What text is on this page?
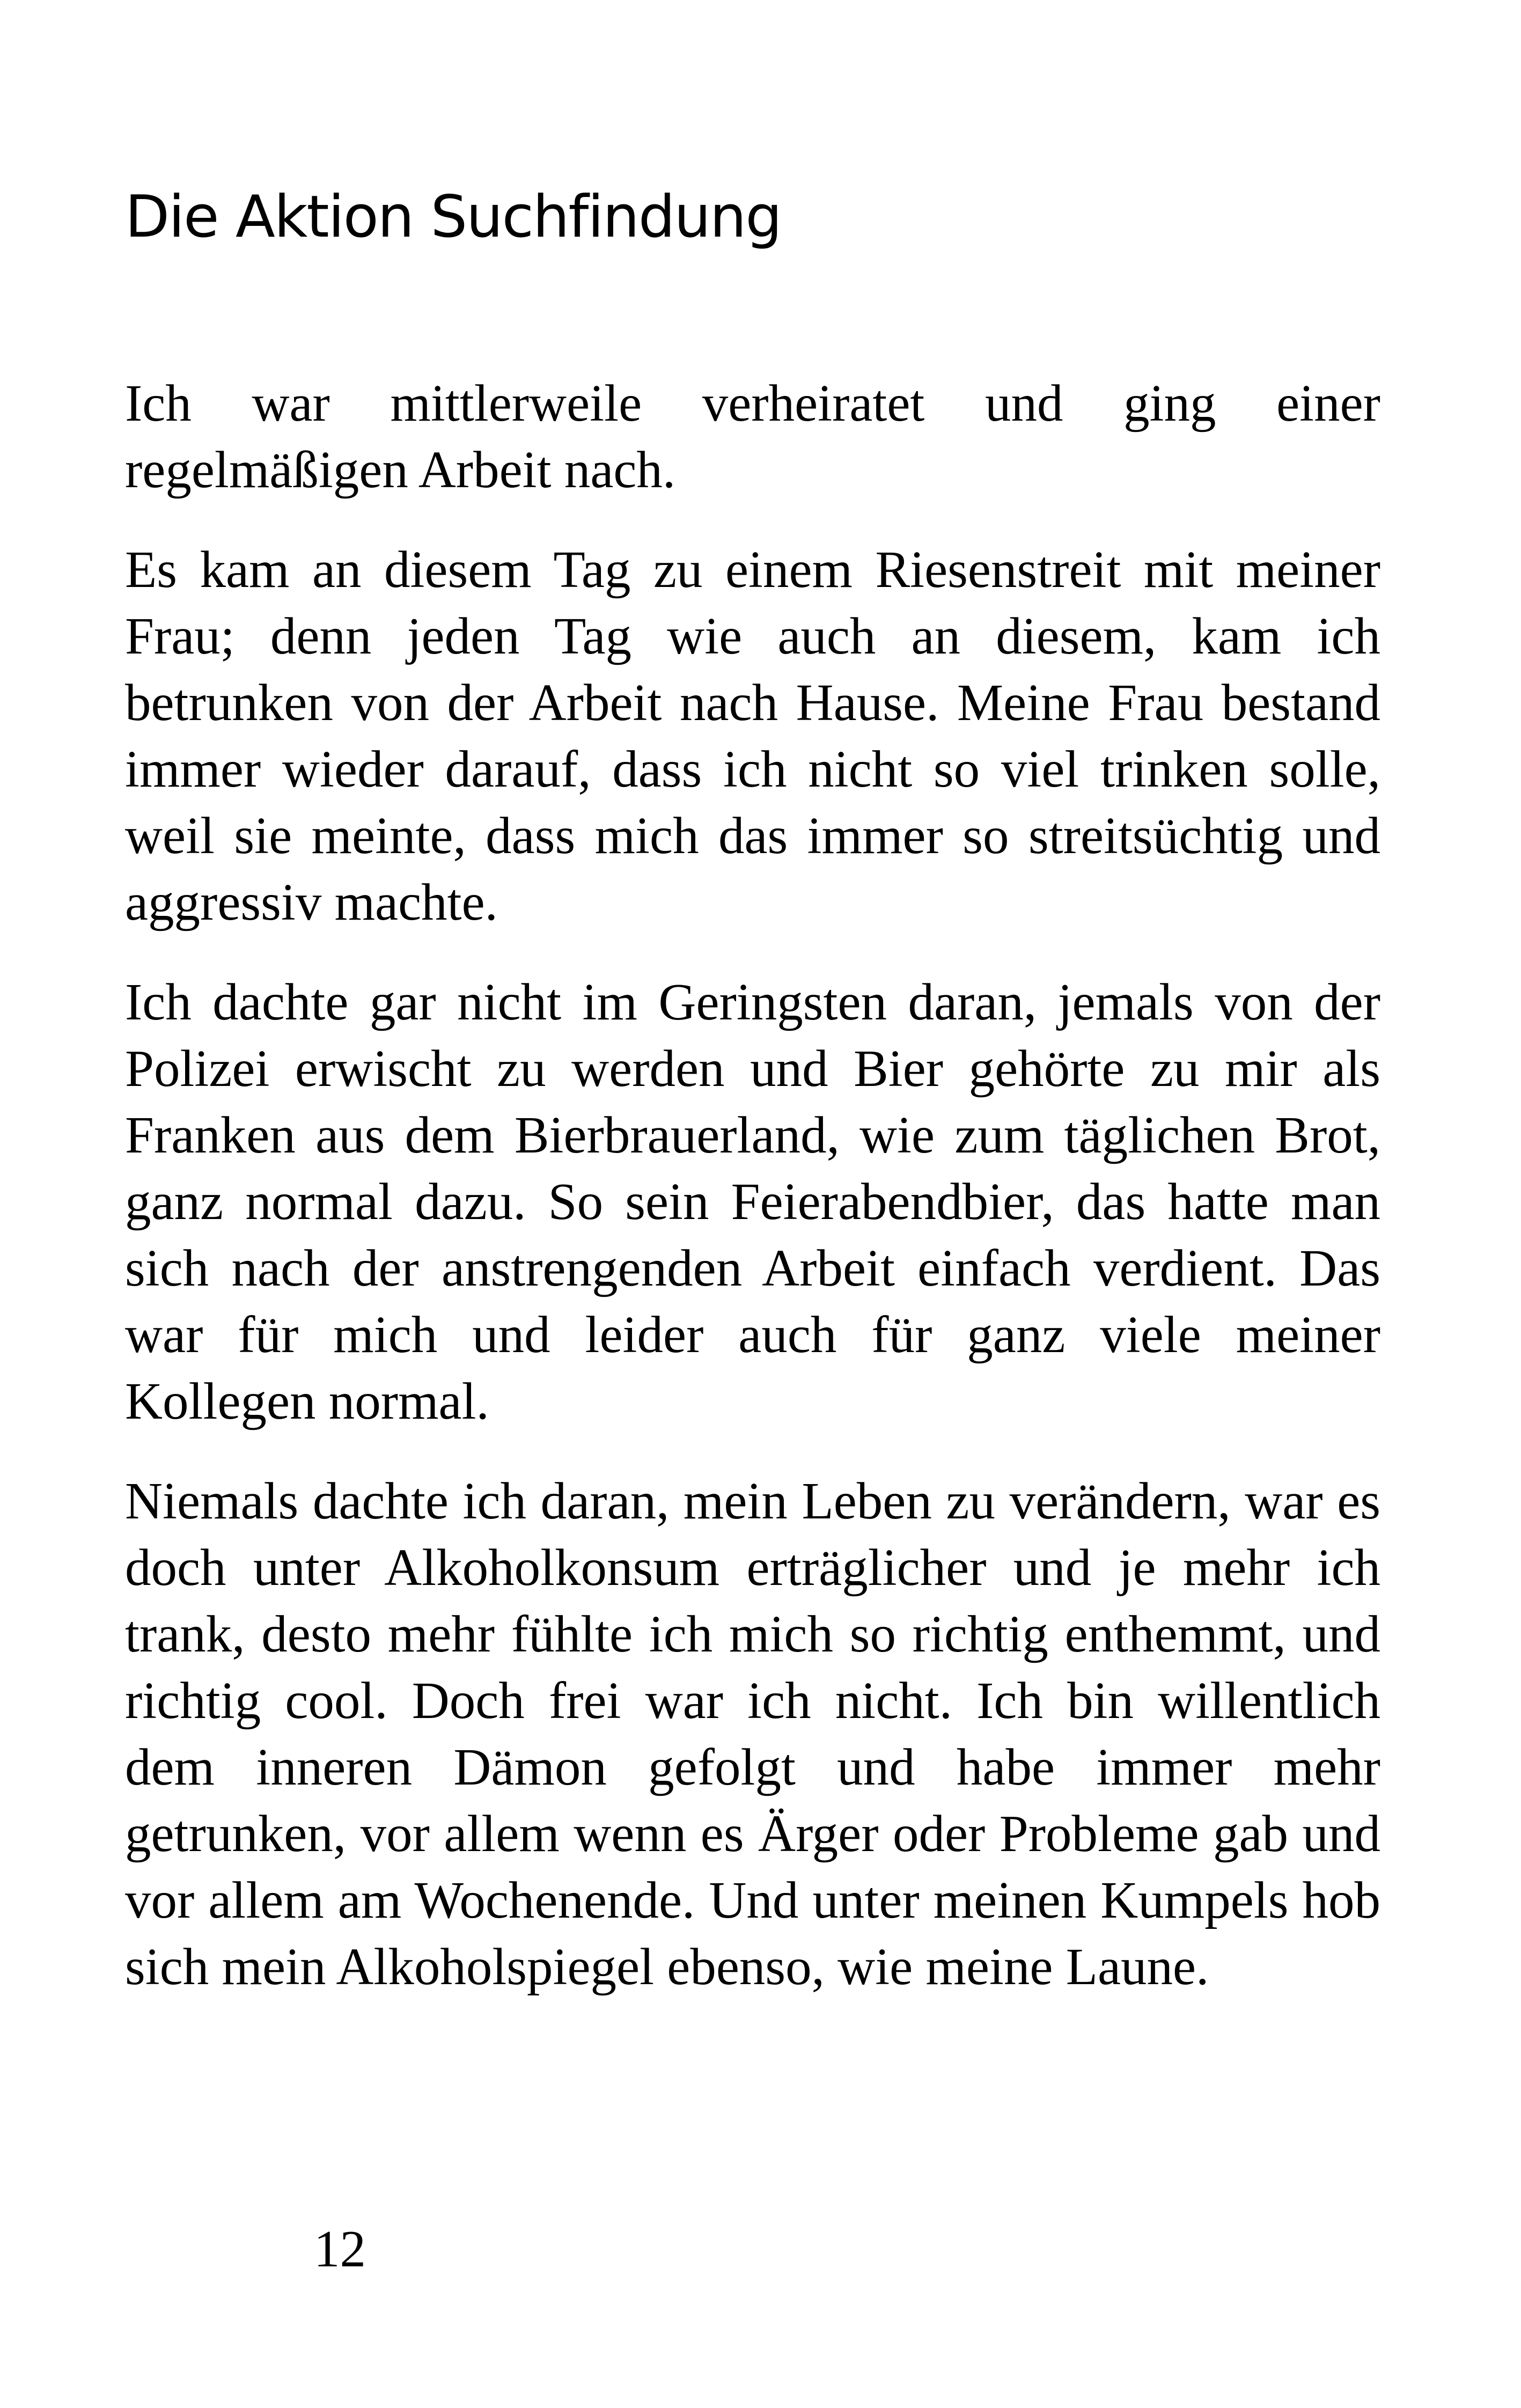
Die Aktion Suchfindung

Ich war mittlerweile verheiratet und ging einer regelmäßigen Arbeit nach.

Es kam an diesem Tag zu einem Riesenstreit mit meiner Frau; denn jeden Tag wie auch an diesem, kam ich betrunken von der Arbeit nach Hause. Meine Frau bestand immer wieder darauf, dass ich nicht so viel trinken solle, weil sie meinte, dass mich das immer so streitsüchtig und aggressiv machte.

Ich dachte gar nicht im Geringsten daran, jemals von der Polizei erwischt zu werden und Bier gehörte zu mir als Franken aus dem Bierbrauerland, wie zum täglichen Brot, ganz normal dazu. So sein Feierabendbier, das hatte man sich nach der anstrengenden Arbeit einfach verdient. Das war für mich und leider auch für ganz viele meiner Kollegen normal.

Niemals dachte ich daran, mein Leben zu verändern, war es doch unter Alkoholkonsum erträglicher und je mehr ich trank, desto mehr fühlte ich mich so richtig enthemmt, und richtig cool. Doch frei war ich nicht. Ich bin willentlich dem inneren Dämon gefolgt und habe immer mehr getrunken, vor allem wenn es Ärger oder Probleme gab und vor allem am Wochenende. Und unter meinen Kumpels hob sich mein Alkoholspiegel ebenso, wie meine Laune.

12
